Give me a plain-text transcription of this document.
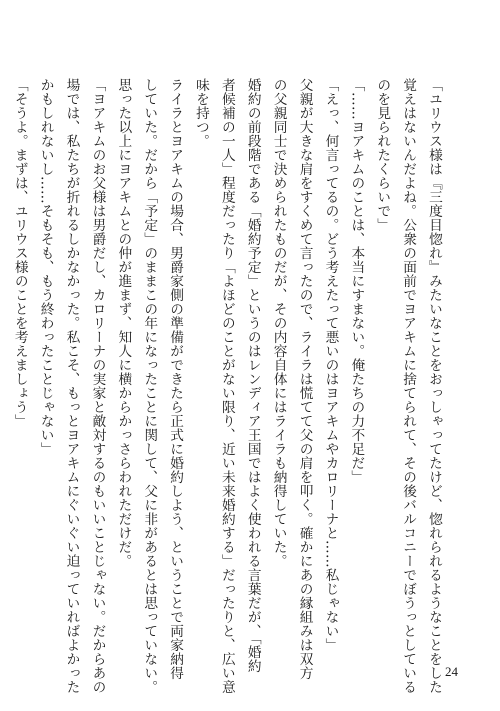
「ユリウス様は『三度目惚れ』みたいなことをおっしゃってたけど、惚れられるようなことをした
覚えはないんだよね。公衆の面前でヨアキムに捨てられて、その後バルコニーでぼうっとしている
のを見られたくらいで」
「……ヨアキムのことは、本当にすまない。俺たちの力不足だ」
「えっ、何言ってるの。どう考えたって悪いのはヨアキムやカロリーナと……私じゃない」
父親が大きな肩をすくめて言ったので、ライラは慌てて父の肩を叩く。確かにあの縁組みは双方
の父親同士で決められたものだが、その内容自体にはライラも納得していた。
婚約の前段階である「婚約予定」というのはレンディア王国ではよく使われる言葉だが、「婚約
者候補の一人」程度だったり「よほどのことがない限り、近い未来婚約する」だったりと、広い意
味を持つ。
ライラとヨアキムの場合、男爵家側の準備ができたら正式に婚約しよう、ということで両家納得
していた。だから「予定」のままこの年になったことに関して、父に非があるとは思っていない。
思った以上にヨアキムとの仲が進まず、知人に横からかっさらわれただけだ。
「ヨアキムのお父様は男爵だし、カロリーナの実家と敵対するのもいいことじゃない。だからあの
場では、私たちが折れるしかなかった。私こそ、もっとヨアキムにぐいぐい迫っていればよかった
かもしれないし……そもそも、もう終わったことじゃない」
「そうよ。まずは、ユリウス様のことを考えましょう」
24
